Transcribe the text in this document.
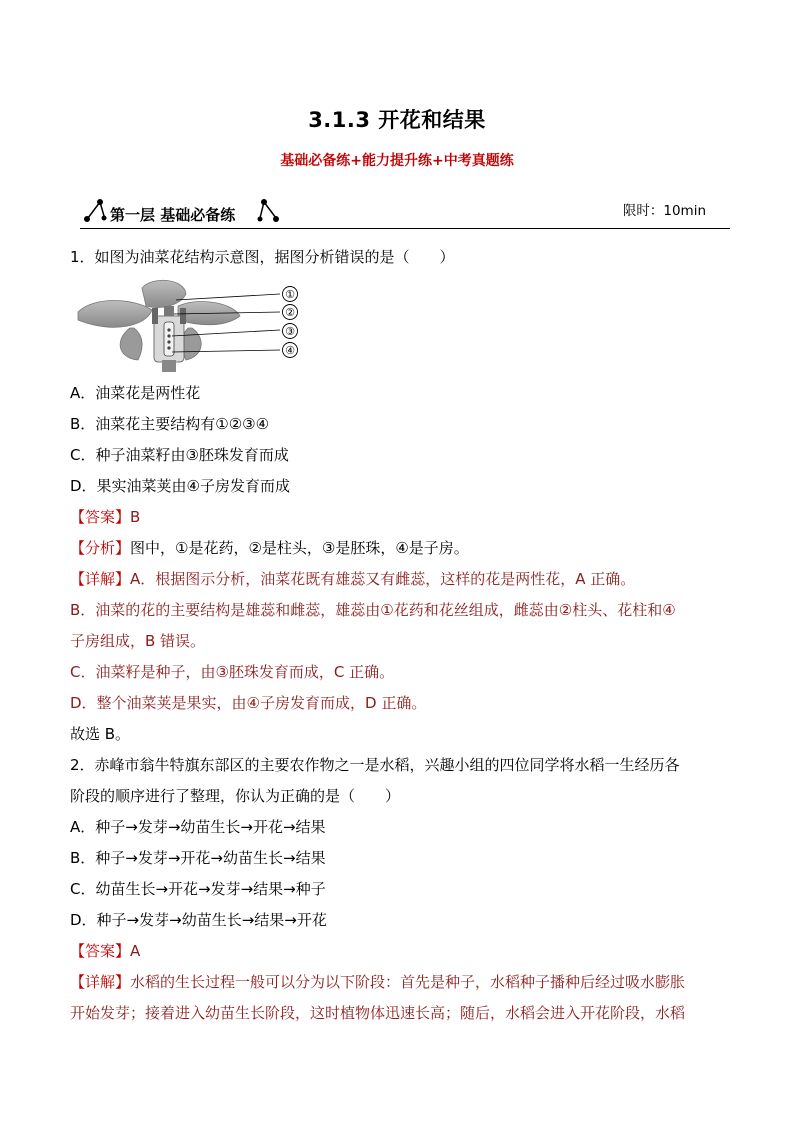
3.1.3 开花和结果
基础必备练+能力提升练+中考真题练
第一层 基础必备练	限时：10min
1．如图为油菜花结构示意图，据图分析错误的是（　　）
①
②
③
④
A．油菜花是两性花
B．油菜花主要结构有①②③④
C．种子油菜籽由③胚珠发育而成
D．果实油菜荚由④子房发育而成
【答案】B
【分析】图中，①是花药，②是柱头，③是胚珠，④是子房。
【详解】A．根据图示分析，油菜花既有雄蕊又有雌蕊，这样的花是两性花，A 正确。
B．油菜的花的主要结构是雄蕊和雌蕊，雄蕊由①花药和花丝组成，雌蕊由②柱头、花柱和④
子房组成，B 错误。
C．油菜籽是种子，由③胚珠发育而成，C 正确。
D．整个油菜荚是果实，由④子房发育而成，D 正确。
故选 B。
2．赤峰市翁牛特旗东部区的主要农作物之一是水稻，兴趣小组的四位同学将水稻一生经历各
阶段的顺序进行了整理，你认为正确的是（　　）
A．种子→发芽→幼苗生长→开花→结果
B．种子→发芽→开花→幼苗生长→结果
C．幼苗生长→开花→发芽→结果→种子
D．种子→发芽→幼苗生长→结果→开花
【答案】A
【详解】水稻的生长过程一般可以分为以下阶段：首先是种子，水稻种子播种后经过吸水膨胀
开始发芽；接着进入幼苗生长阶段，这时植物体迅速长高；随后，水稻会进入开花阶段，水稻
